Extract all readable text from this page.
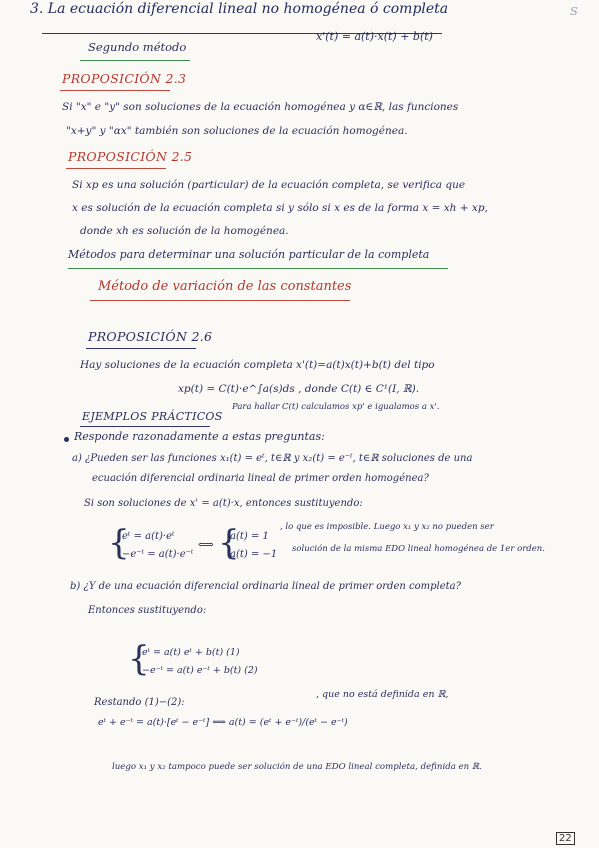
3. La ecuación diferencial lineal no homogénea ó completa	S
Segundo método
x'(t) = a(t)·x(t) + b(t)
PROPOSICIÓN 2.3
Si "x" e "y" son soluciones de la ecuación homogénea y α∈ℝ, las funciones
"x+y" y "αx" también son soluciones de la ecuación homogénea.
PROPOSICIÓN 2.5
Si xp es una solución (particular) de la ecuación completa, se verifica que
x es solución de la ecuación completa si y sólo si x es de la forma x = xh + xp,
donde xh es solución de la homogénea.
Métodos para determinar una solución particular de la completa
Método de variación de las constantes
PROPOSICIÓN 2.6
Hay soluciones de la ecuación completa x'(t)=a(t)x(t)+b(t) del tipo
xp(t) = C(t)·e^∫a(s)ds , donde C(t) ∈ C¹(I, ℝ).
Para hallar C(t) calculamos xp' e igualamos a x'.
EJEMPLOS PRÁCTICOS
Responde razonadamente a estas preguntas:
a) ¿Pueden ser las funciones x₁(t) = eᵗ, t∈ℝ y x₂(t) = e⁻ᵗ, t∈ℝ soluciones de una
ecuación diferencial ordinaria lineal de primer orden homogénea?
Si son soluciones de x' = a(t)·x, entonces sustituyendo:
{
eᵗ = a(t)·eᵗ
−e⁻ᵗ = a(t)·e⁻ᵗ
⟺ {
a(t) = 1
a(t) = −1
, lo que es imposible. Luego x₁ y x₂ no pueden ser
solución de la misma EDO lineal homogénea de 1er orden.
b) ¿Y de una ecuación diferencial ordinaria lineal de primer orden completa?
Entonces sustituyendo:
{
eᵗ = a(t) eᵗ + b(t) (1)
−e⁻ᵗ = a(t) e⁻ᵗ + b(t) (2)
Restando (1)−(2):
eᵗ + e⁻ᵗ = a(t)·[eᵗ − e⁻ᵗ] ⟺ a(t) = (eᵗ + e⁻ᵗ)/(eᵗ − e⁻ᵗ)
, que no está definida en ℝ,
luego x₁ y x₂ tampoco puede ser solución de una EDO lineal completa, definida en ℝ.
22
